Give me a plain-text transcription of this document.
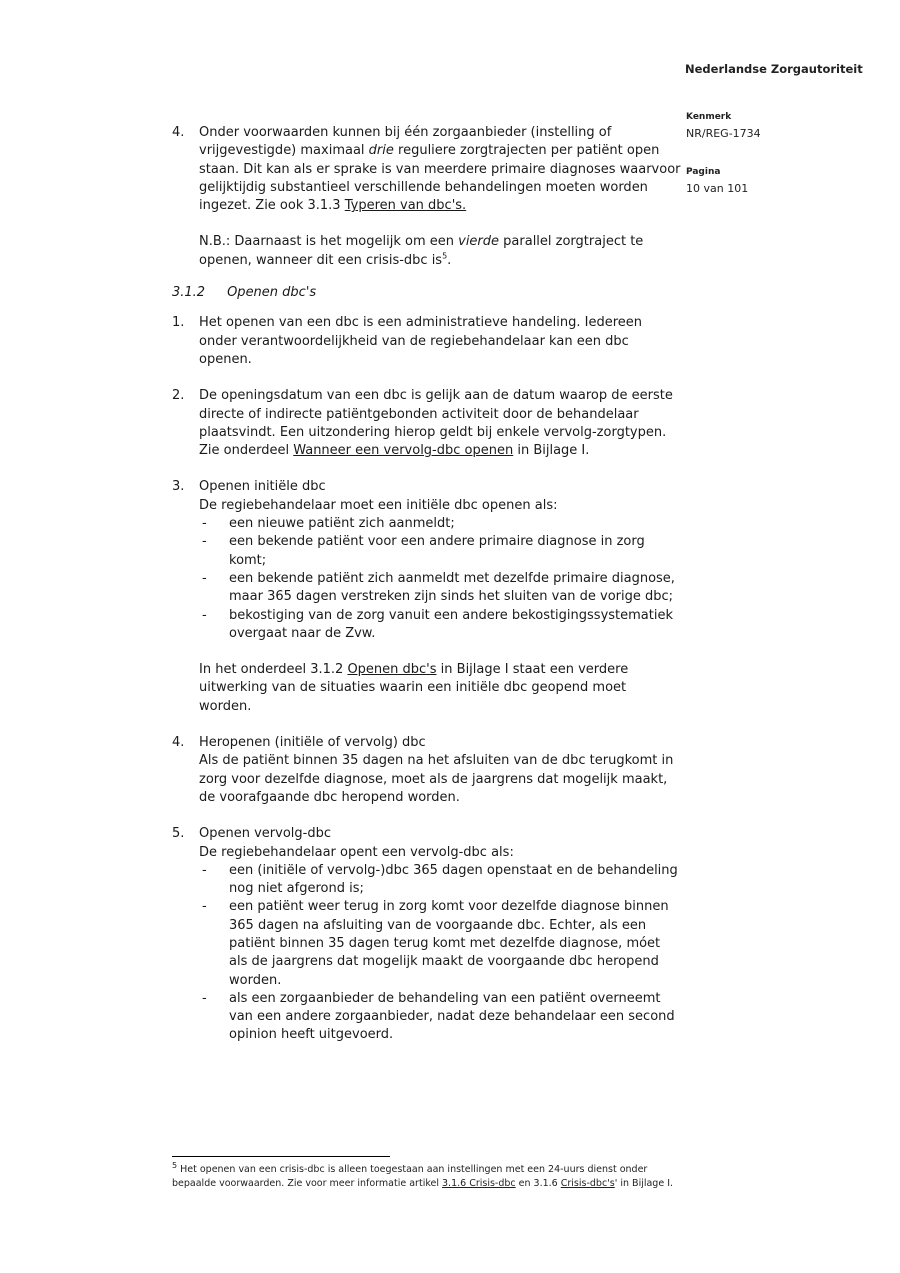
Nederlandse Zorgautoriteit
Kenmerk
NR/REG-1734
Pagina
10 van 101
4. Onder voorwaarden kunnen bij één zorgaanbieder (instelling of vrijgevestigde) maximaal drie reguliere zorgtrajecten per patiënt open staan. Dit kan als er sprake is van meerdere primaire diagnoses waarvoor gelijktijdig substantieel verschillende behandelingen moeten worden ingezet. Zie ook 3.1.3 Typeren van dbc's.
N.B.: Daarnaast is het mogelijk om een vierde parallel zorgtraject te openen, wanneer dit een crisis-dbc $is^5$.
3.1.2 Openen dbc's
1. Het openen van een dbc is een administratieve handeling. Iedereen onder verantwoordelijkheid van de regiebehandelaar kan een dbc openen.
2. De openingsdatum van een dbc is gelijk aan de datum waarop de eerste directe of indirecte patiëntgebonden activiteit door de behandelaar plaatsvindt. Een uitzondering hierop geldt bij enkele vervolg-zorgtypen. Zie onderdeel Wanneer een vervolg-dbc openen in Bijlage I.
3. Openen initiële dbc
De regiebehandelaar moet een initiële dbc openen als:
- een nieuwe patiënt zich aanmeldt;
- een bekende patiënt voor een andere primaire diagnose in zorg komt;
- een bekende patiënt zich aanmeldt met dezelfde primaire diagnose, maar 365 dagen verstreken zijn sinds het sluiten van de vorige dbc;
- bekostiging van de zorg vanuit een andere bekostigingssystematiek overgaat naar de Zvw.
In het onderdeel 3.1.2 Openen dbc's in Bijlage I staat een verdere uitwerking van de situaties waarin een initiële dbc geopend moet worden.
4. Heropenen (initiële of vervolg) dbc
Als de patiënt binnen 35 dagen na het afsluiten van de dbc terugkomt in zorg voor dezelfde diagnose, moet als de jaargrens dat mogelijk maakt, de voorafgaande dbc heropend worden.
5. Openen vervolg-dbc
De regiebehandelaar opent een vervolg-dbc als:
- een (initiële of vervolg-)dbc 365 dagen openstaat en de behandeling nog niet afgerond is;
- een patiënt weer terug in zorg komt voor dezelfde diagnose binnen 365 dagen na afsluiting van de voorgaande dbc. Echter, als een patiënt binnen 35 dagen terug komt met dezelfde diagnose, móet als de jaargrens dat mogelijk maakt de voorgaande dbc heropend worden.
- als een zorgaanbieder de behandeling van een patiënt overneemt van een andere zorgaanbieder, nadat deze behandelaar een second opinion heeft uitgevoerd.
$^5$ Het openen van een crisis-dbc is alleen toegestaan aan instellingen met een 24-uurs dienst onder bepaalde voorwaarden. Zie voor meer informatie artikel 3.1.6 Crisis-dbc en 3.1.6 Crisis-dbc's' in Bijlage I.
